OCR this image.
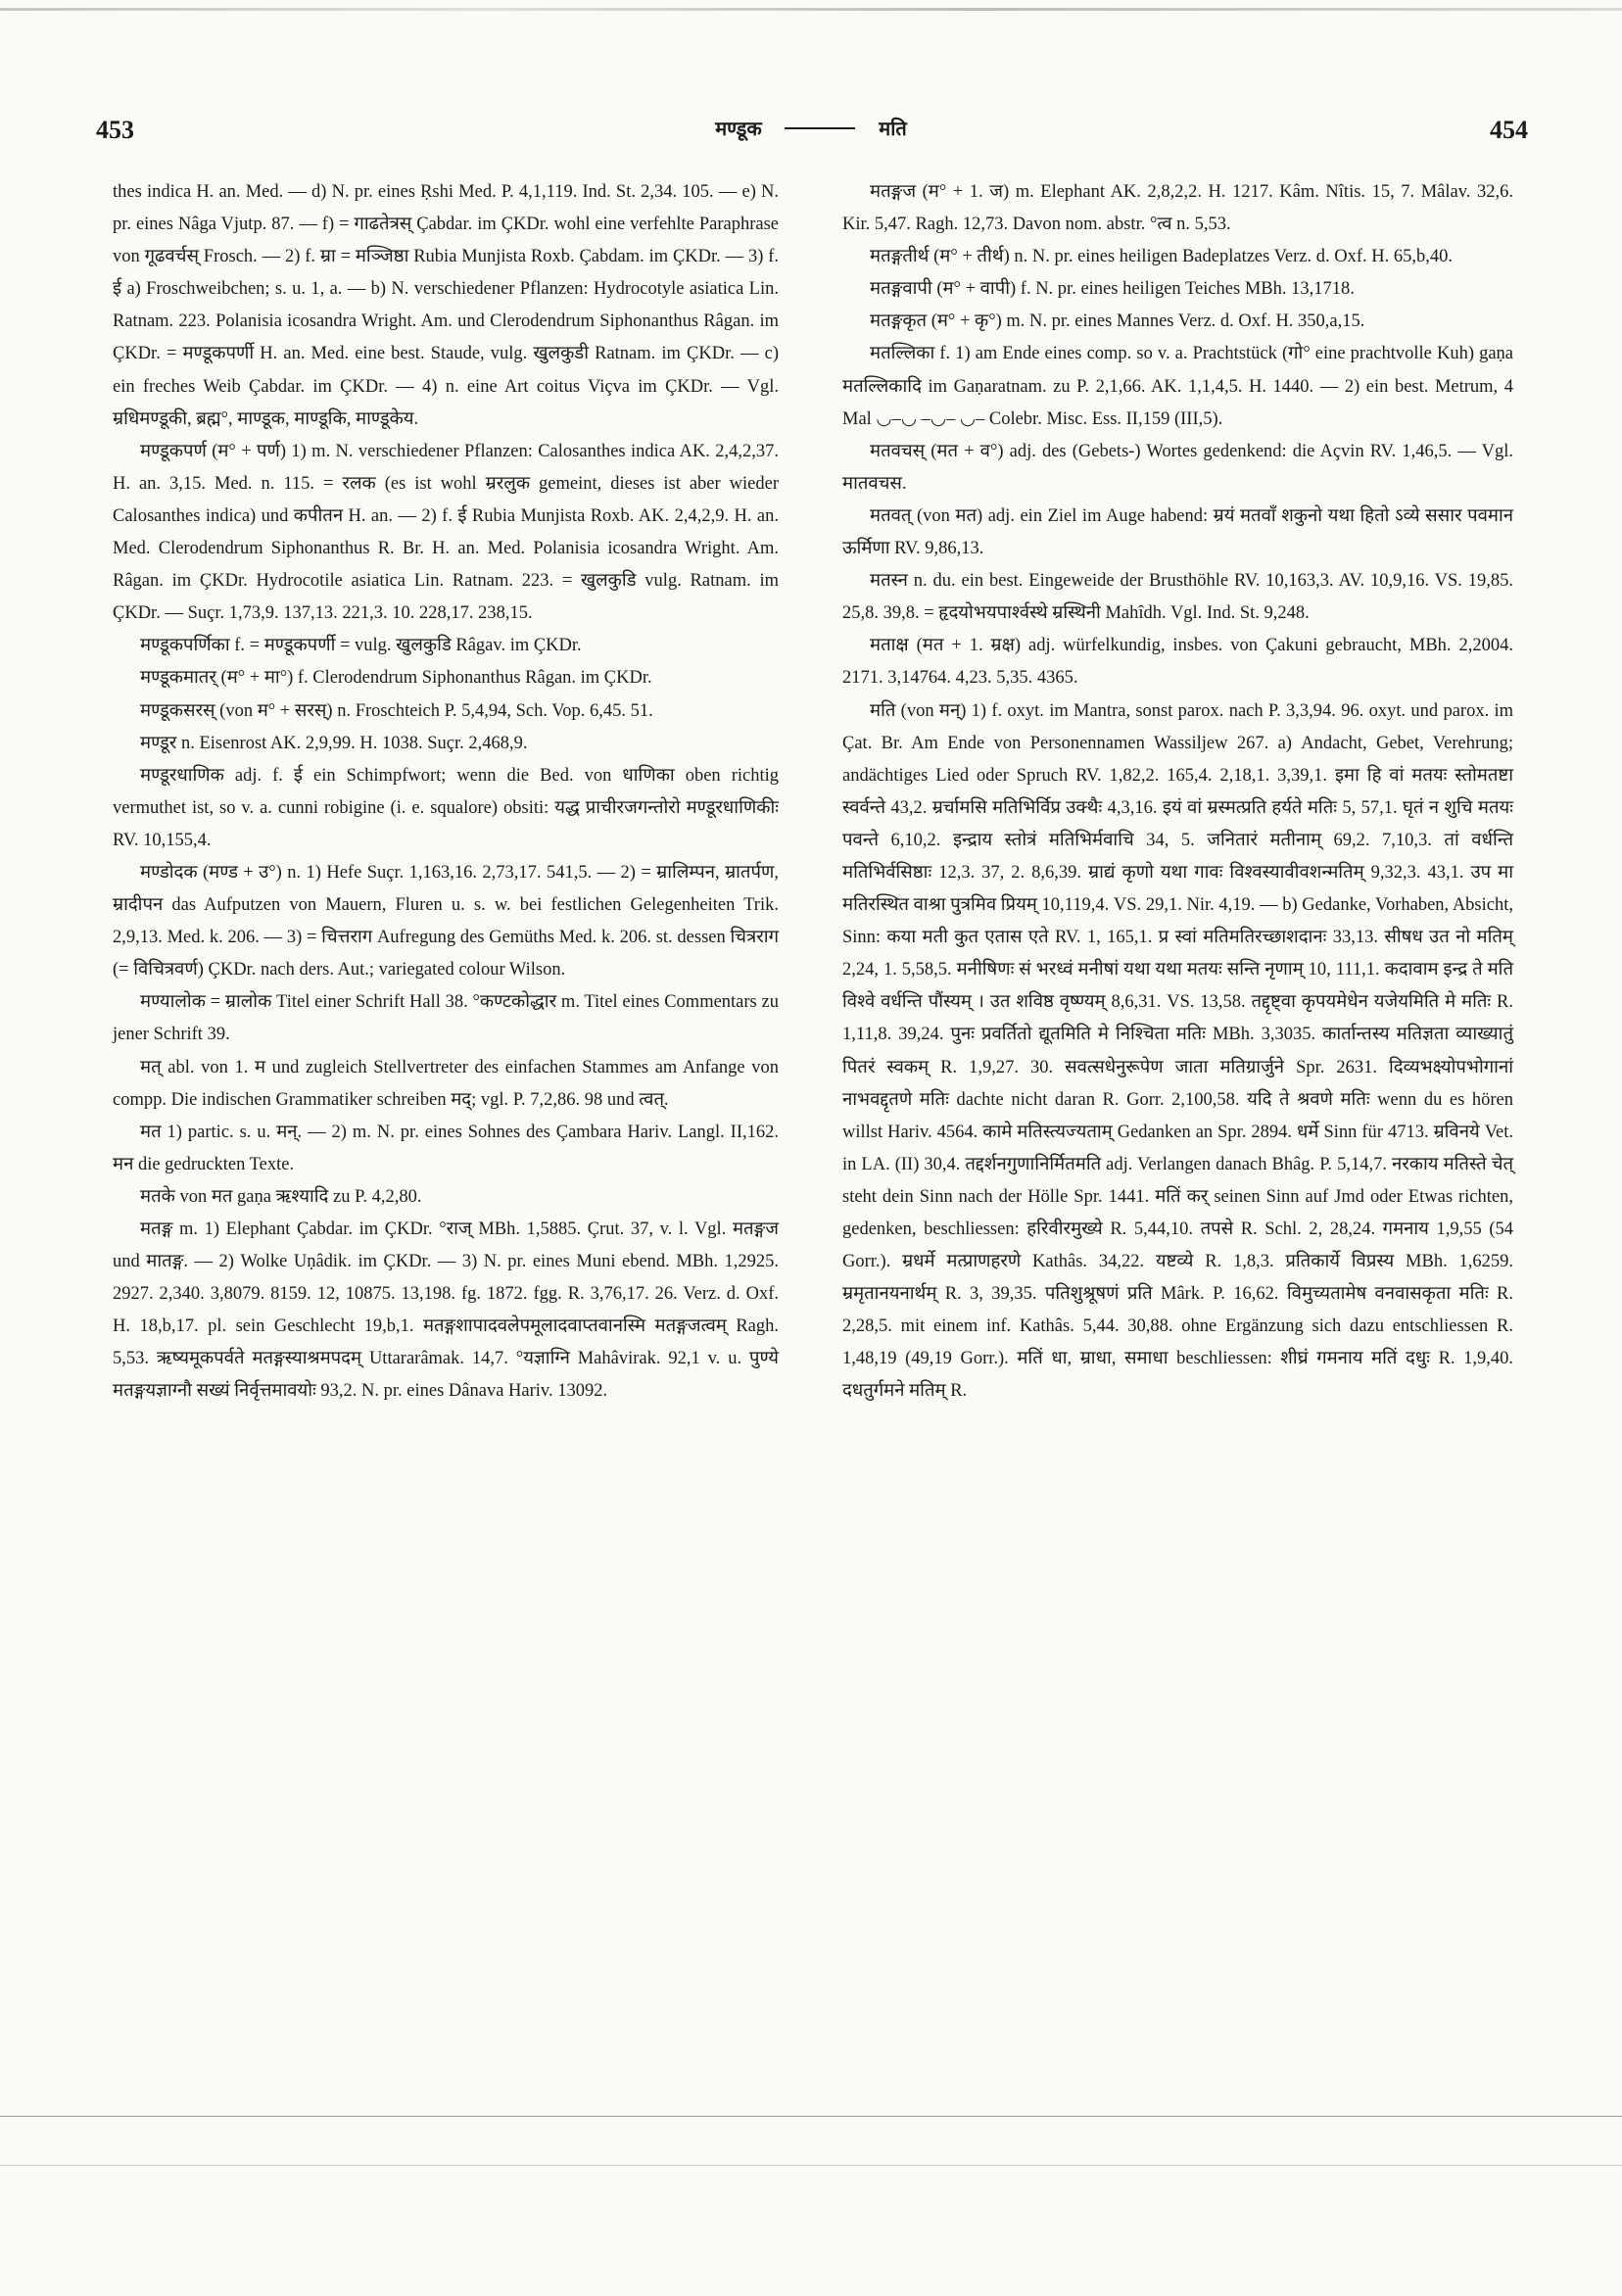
453	मण्डूक	मति	454

thes indica H. an. Med. — d) N. pr. eines Ṛshi Med. P. 4,1,119. Ind. St. 2,34. 105. — e) N. pr. eines Nâga Vjutp. 87. — f) = गाढतेत्रस् Çabdar. im ÇKDr. wohl eine verfehlte Paraphrase von गूढवर्चस् Frosch. — 2) f. म्रा = मञ्जिष्ठा Rubia Munjista Roxb. Çabdam. im ÇKDr. — 3) f. ई a) Froschweibchen; s. u. 1, a. — b) N. verschiedener Pflanzen: Hydrocotyle asiatica Lin. Ratnam. 223. Polanisia icosandra Wright. Am. und Clerodendrum Siphonanthus Râgan. im ÇKDr. = मण्डूकपर्णी H. an. Med. eine best. Staude, vulg. खुलकुडी Ratnam. im ÇKDr. — c) ein freches Weib Çabdar. im ÇKDr. — 4) n. eine Art coitus Viçva im ÇKDr. — Vgl. म्रधिमण्डूकी, ब्रह्म°, माण्डूक, माण्डूकि, माण्डूकेय.

मण्डूकपर्ण (म° + पर्ण) 1) m. N. verschiedener Pflanzen: Calosanthes indica AK. 2,4,2,37. H. an. 3,15. Med. n. 115. = रलक (es ist wohl म्ररलुक gemeint, dieses ist aber wieder Calosanthes indica) und कपीतन H. an. — 2) f. ई Rubia Munjista Roxb. AK. 2,4,2,9. H. an. Med. Clerodendrum Siphonanthus R. Br. H. an. Med. Polanisia icosandra Wright. Am. Râgan. im ÇKDr. Hydrocotile asiatica Lin. Ratnam. 223. = खुलकुडि vulg. Ratnam. im ÇKDr. — Suçr. 1,73,9. 137,13. 221,3. 10. 228,17. 238,15.

मण्डूकपर्णिका f. = मण्डूकपर्णी = vulg. खुलकुडि Râgav. im ÇKDr.

मण्डूकमातर् (म° + मा°) f. Clerodendrum Siphonanthus Râgan. im ÇKDr.

मण्डूकसरस् (von म° + सरस्) n. Froschteich P. 5,4,94, Sch. Vop. 6,45. 51.

मण्डूर n. Eisenrost AK. 2,9,99. H. 1038. Suçr. 2,468,9.

मण्डूरधाणिक adj. f. ई ein Schimpfwort; wenn die Bed. von धाणिका oben richtig vermuthet ist, so v. a. cunni robigine (i. e. squalore) obsiti: यद्ध प्राचीरजगन्तोरो मण्डूरधाणिकीः RV. 10,155,4.

मण्डोदक (मण्ड + उ°) n. 1) Hefe Suçr. 1,163,16. 2,73,17. 541,5. — 2) = म्रालिम्पन, म्रातर्पण, म्रादीपन das Aufputzen von Mauern, Fluren u. s. w. bei festlichen Gelegenheiten Trik. 2,9,13. Med. k. 206. — 3) = चित्तराग Aufregung des Gemüths Med. k. 206. st. dessen चित्रराग (= विचित्रवर्ण) ÇKDr. nach ders. Aut.; variegated colour Wilson.

मण्यालोक = म्रालोक Titel einer Schrift Hall 38. °कण्टकोद्धार m. Titel eines Commentars zu jener Schrift 39.

मत् abl. von 1. म und zugleich Stellvertreter des einfachen Stammes am Anfange von compp. Die indischen Grammatiker schreiben मद्; vgl. P. 7,2,86. 98 und त्वत्.

मत 1) partic. s. u. मन्. — 2) m. N. pr. eines Sohnes des Çambara Hariv. Langl. II,162. मन die gedruckten Texte.

मतके von मत gaṇa ऋश्यादि zu P. 4,2,80.

मतङ्ग m. 1) Elephant Çabdar. im ÇKDr. °राज् MBh. 1,5885. Çrut. 37, v. l. Vgl. मतङ्गज und मातङ्ग. — 2) Wolke Uṇâdik. im ÇKDr. — 3) N. pr. eines Muni ebend. MBh. 1,2925. 2927. 2,340. 3,8079. 8159. 12, 10875. 13,198. fg. 1872. fgg. R. 3,76,17. 26. Verz. d. Oxf. H. 18,b,17. pl. sein Geschlecht 19,b,1. मतङ्गशापादवलेपमूलादवाप्तवानस्मि मतङ्गजत्वम् Ragh. 5,53. ऋष्यमूकपर्वते मतङ्गस्याश्रमपदम् Uttararâmak. 14,7. °यज्ञाग्नि Mahâvirak. 92,1 v. u. पुण्ये मतङ्गयज्ञाग्नौ सख्यं निर्वृत्तमावयोः 93,2. N. pr. eines Dânava Hariv. 13092.

मतङ्गज (म° + 1. ज) m. Elephant AK. 2,8,2,2. H. 1217. Kâm. Nîtis. 15, 7. Mâlav. 32,6. Kir. 5,47. Ragh. 12,73. Davon nom. abstr. °त्व n. 5,53.

मतङ्गतीर्थ (म° + तीर्थ) n. N. pr. eines heiligen Badeplatzes Verz. d. Oxf. H. 65,b,40.

मतङ्गवापी (म° + वापी) f. N. pr. eines heiligen Teiches MBh. 13,1718.

मतङ्गकृत (म° + कृ°) m. N. pr. eines Mannes Verz. d. Oxf. H. 350,a,15.

मतल्लिका f. 1) am Ende eines comp. so v. a. Prachtstück (गो° eine prachtvolle Kuh) gaṇa मतल्लिकादि im Gaṇaratnam. zu P. 2,1,66. AK. 1,1,4,5. H. 1440. — 2) ein best. Metrum, 4 Mal ◡–◡ –◡– ◡– Colebr. Misc. Ess. II,159 (III,5).

मतवचस् (मत + व°) adj. des (Gebets-) Wortes gedenkend: die Açvin RV. 1,46,5. — Vgl. मातवचस.

मतवत् (von मत) adj. ein Ziel im Auge habend: म्रयं मतवाँ शकुनो यथा हितो ऽव्ये ससार पवमान ऊर्मिणा RV. 9,86,13.

मतस्न n. du. ein best. Eingeweide der Brusthöhle RV. 10,163,3. AV. 10,9,16. VS. 19,85. 25,8. 39,8. = हृदयोभयपार्श्वस्थे म्रस्थिनी Mahîdh. Vgl. Ind. St. 9,248.

मताक्ष (मत + 1. म्रक्ष) adj. würfelkundig, insbes. von Çakuni gebraucht, MBh. 2,2004. 2171. 3,14764. 4,23. 5,35. 4365.

मति (von मन्) 1) f. oxyt. im Mantra, sonst parox. nach P. 3,3,94. 96. oxyt. und parox. im Çat. Br. Am Ende von Personennamen Wassiljew 267. a) Andacht, Gebet, Verehrung; andächtiges Lied oder Spruch RV. 1,82,2. 165,4. 2,18,1. 3,39,1. इमा हि वां मतयः स्तोमतष्टा स्वर्वन्ते 43,2. म्रर्चामसि मतिभिर्विप्र उक्थैः 4,3,16. इयं वां म्रस्मत्प्रति हर्यते मतिः 5, 57,1. घृतं न शुचि मतयः पवन्ते 6,10,2. इन्द्राय स्तोत्रं मतिभिर्मवाचि 34, 5. जनितारं मतीनाम् 69,2. 7,10,3. तां वर्धन्ति मतिभिर्वसिष्ठाः 12,3. 37, 2. 8,6,39. म्राद्यं कृणो यथा गावः विश्वस्यावीवशन्मतिम् 9,32,3. 43,1. उप मा मतिरस्थित वाश्रा पुत्रमिव प्रियम् 10,119,4. VS. 29,1. Nir. 4,19. — b) Gedanke, Vorhaben, Absicht, Sinn: कया मती कुत एतास एते RV. 1, 165,1. प्र स्वां मतिमतिरच्छाशदानः 33,13. सीषध उत नो मतिम् 2,24, 1. 5,58,5. मनीषिणः सं भरध्वं मनीषां यथा यथा मतयः सन्ति नृणाम् 10, 111,1. कदावाम इन्द्र ते मति विश्वे वर्धन्ति पौंस्यम् । उत शविष्ठ वृष्ण्यम् 8,6,31. VS. 13,58. तद्दृष्ट्वा कृपयमेधेन यजेयमिति मे मतिः R. 1,11,8. 39,24. पुनः प्रवर्तितो द्यूतमिति मे निश्चिता मतिः MBh. 3,3035. कार्तान्तस्य मतिज्ञता व्याख्यातुं पितरं स्वकम् R. 1,9,27. 30. सवत्सधेनुरूपेण जाता मतिग्रार्जुने Spr. 2631. दिव्यभक्ष्योपभोगानां नाभवद्दृतणे मतिः dachte nicht daran R. Gorr. 2,100,58. यदि ते श्रवणे मतिः wenn du es hören willst Hariv. 4564. कामे मतिस्त्यज्यताम् Gedanken an Spr. 2894. धर्मे Sinn für 4713. म्रविनये Vet. in LA. (II) 30,4. तद्दर्शनगुणानिर्मितमति adj. Verlangen danach Bhâg. P. 5,14,7. नरकाय मतिस्ते चेत् steht dein Sinn nach der Hölle Spr. 1441. मतिं कर् seinen Sinn auf Jmd oder Etwas richten, gedenken, beschliessen: हरिवीरमुख्ये R. 5,44,10. तपसे R. Schl. 2, 28,24. गमनाय 1,9,55 (54 Gorr.). म्रधर्मे मत्प्राणहरणे Kathâs. 34,22. यष्टव्ये R. 1,8,3. प्रतिकार्ये विप्रस्य MBh. 1,6259. म्रमृतानयनार्थम् R. 3, 39,35. पतिशुश्रूषणं प्रति Mârk. P. 16,62. विमुच्यतामेष वनवासकृता मतिः R. 2,28,5. mit einem inf. Kathâs. 5,44. 30,88. ohne Ergänzung sich dazu entschliessen R. 1,48,19 (49,19 Gorr.). मतिं धा, म्राधा, समाधा beschliessen: शीघ्रं गमनाय मतिं दधुः R. 1,9,40. दधतुर्गमने मतिम् R.
